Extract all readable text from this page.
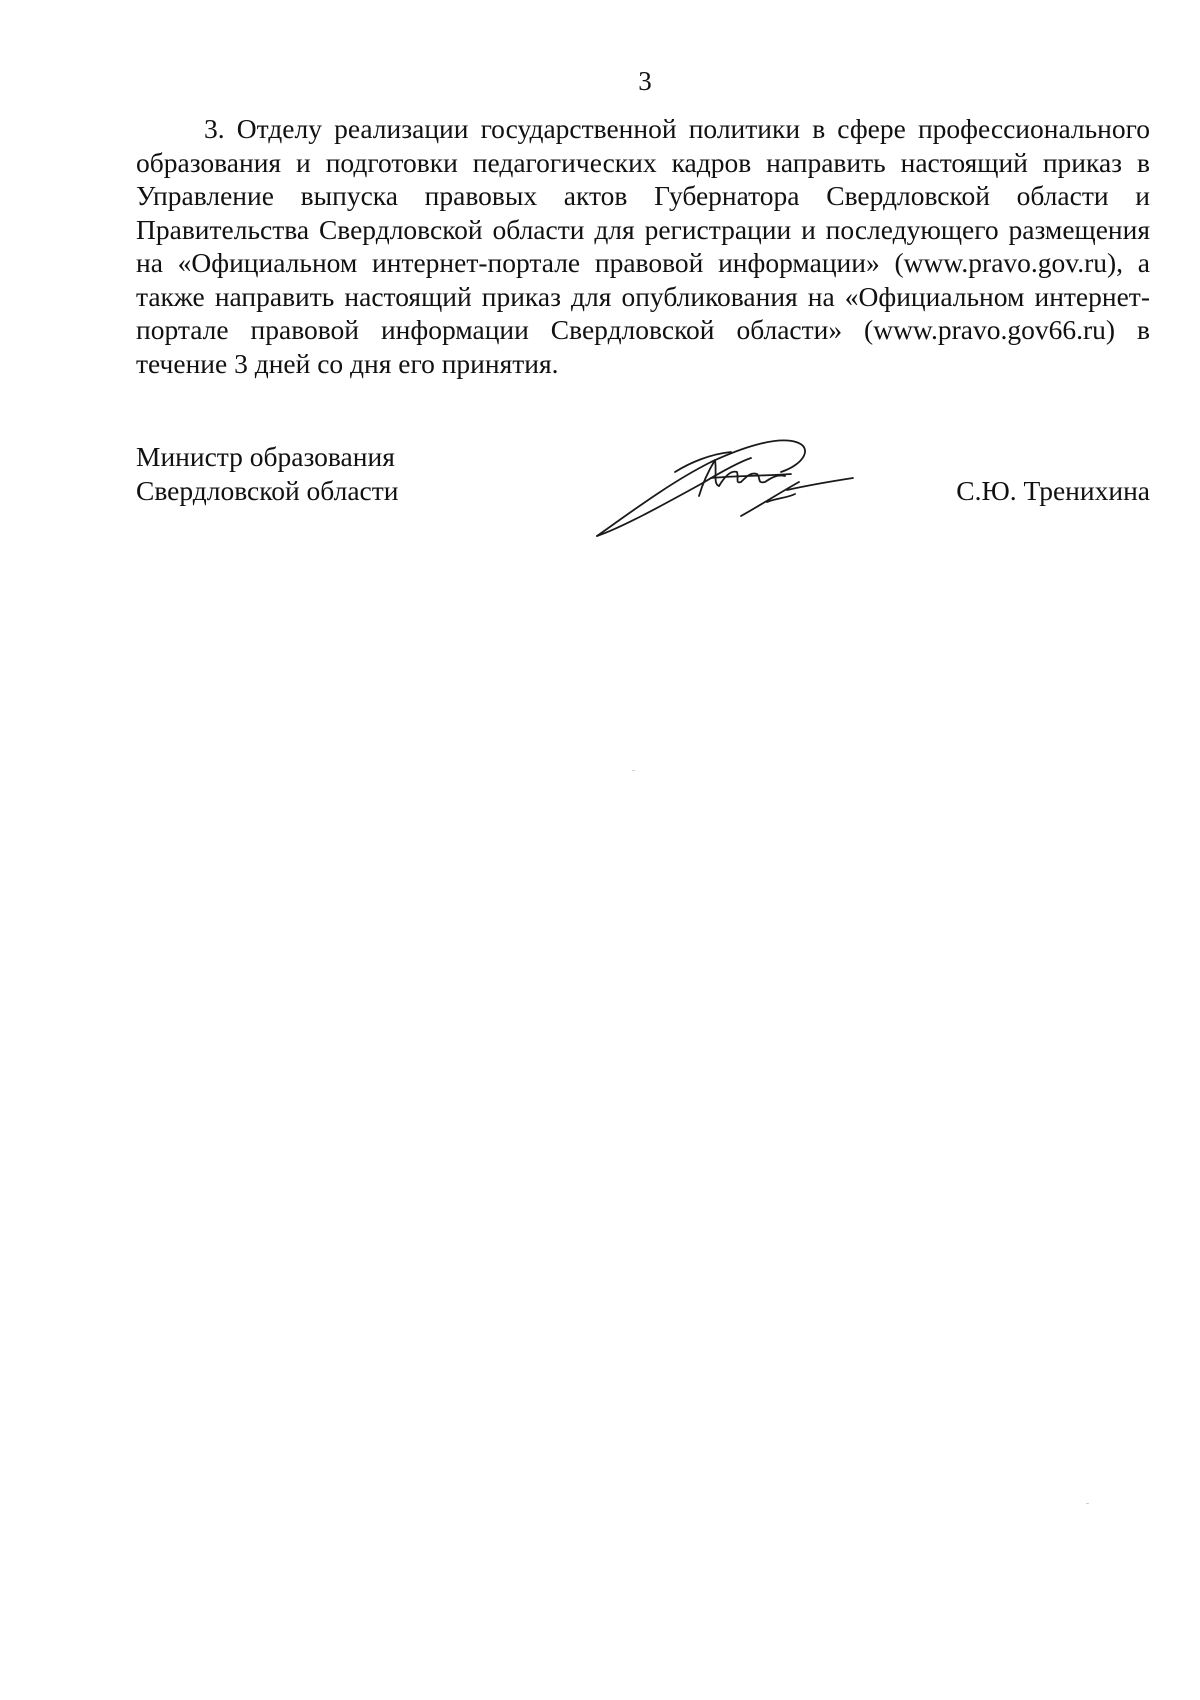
3

3. Отделу реализации государственной политики в сфере профессионального образования и подготовки педагогических кадров направить настоящий приказ в Управление выпуска правовых актов Губернатора Свердловской области и Правительства Свердловской области для регистрации и последующего размещения на «Официальном интернет-портале правовой информации» (www.pravo.gov.ru), а также направить настоящий приказ для опубликования на «Официальном интернет-портале правовой информации Свердловской области» (www.pravo.gov66.ru) в течение 3 дней со дня его принятия.

Министр образования
Свердловской области	С.Ю. Тренихина
